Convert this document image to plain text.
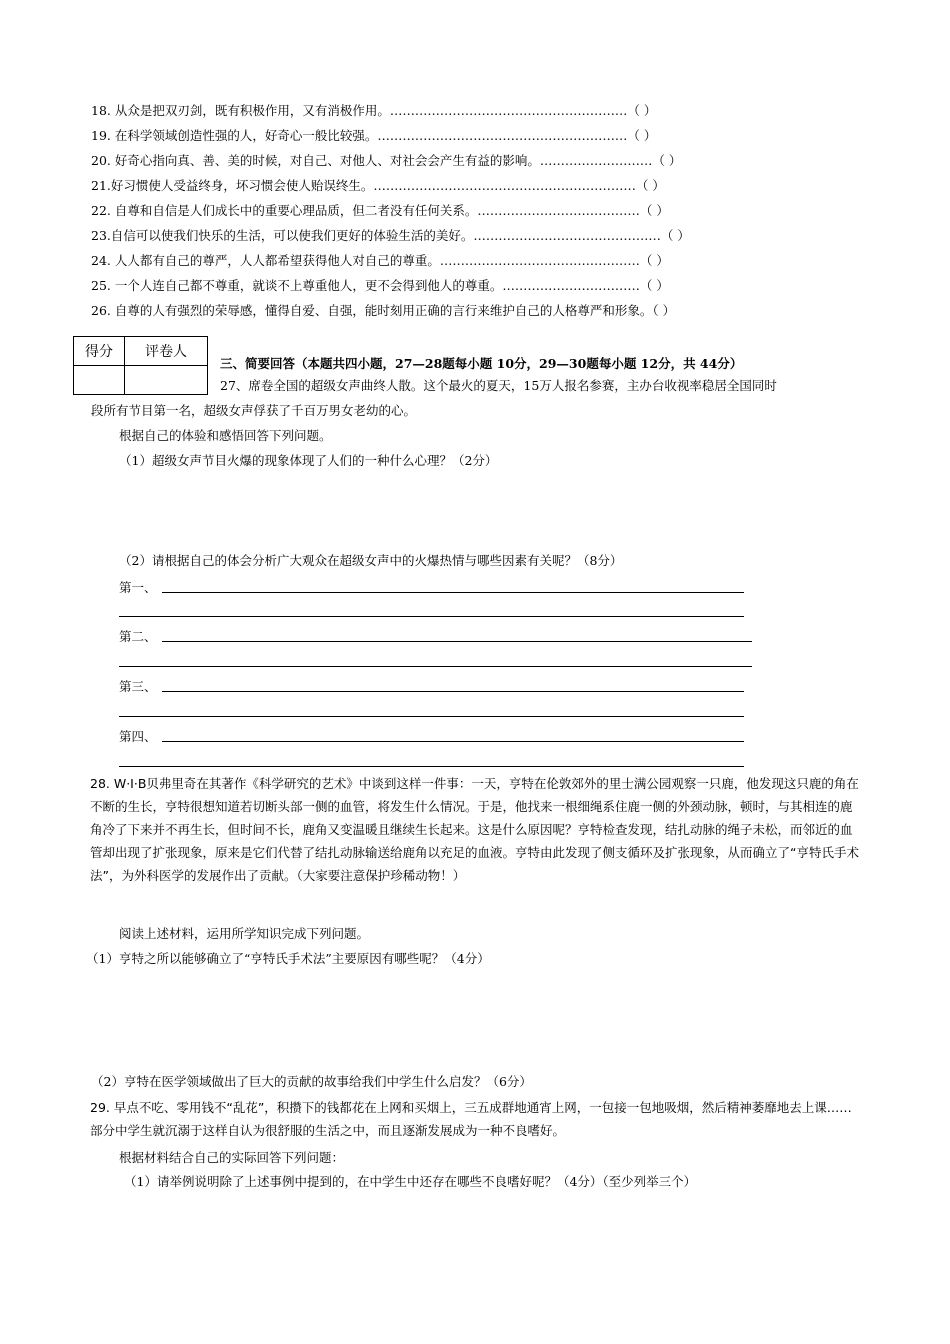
18. 从众是把双刃剑，既有积极作用，又有消极作用。…………………………………………………（ ）
19. 在科学领域创造性强的人，好奇心一般比较强。……………………………………………………（ ）
20. 好奇心指向真、善、美的时候，对自己、对他人、对社会会产生有益的影响。………………………（ ）
21.好习惯使人受益终身，坏习惯会使人贻误终生。………………………………………………………（ ）
22. 自尊和自信是人们成长中的重要心理品质，但二者没有任何关系。…………………………………（ ）
23.自信可以使我们快乐的生活，可以使我们更好的体验生活的美好。………………………………………（ ）
24. 人人都有自己的尊严，人人都希望获得他人对自己的尊重。…………………………………………（ ）
25. 一个人连自己都不尊重，就谈不上尊重他人，更不会得到他人的尊重。……………………………（ ）
26. 自尊的人有强烈的荣辱感，懂得自爱、自强，能时刻用正确的言行来维护自己的人格尊严和形象。（ ）
得分	评卷人

三、简要回答（本题共四小题，27—28题每小题 10分，29—30题每小题 12分，共 44分）
27、席卷全国的超级女声曲终人散。这个最火的夏天，15万人报名参赛，主办台收视率稳居全国同时
段所有节目第一名，超级女声俘获了千百万男女老幼的心。
根据自己的体验和感悟回答下列问题。
（1）超级女声节目火爆的现象体现了人们的一种什么心理？（2分）
（2）请根据自己的体会分析广大观众在超级女声中的火爆热情与哪些因素有关呢？（8分）
第一、
第二、
第三、
第四、
28. W·I·B贝弗里奇在其著作《科学研究的艺术》中谈到这样一件事：一天，亨特在伦敦郊外的里士满公园观察一只鹿，他发现这只鹿的角在不断的生长，亨特很想知道若切断头部一侧的血管，将发生什么情况。于是，他找来一根细绳系住鹿一侧的外颈动脉，顿时，与其相连的鹿角冷了下来并不再生长，但时间不长，鹿角又变温暖且继续生长起来。这是什么原因呢？亨特检查发现，结扎动脉的绳子未松，而邻近的血管却出现了扩张现象，原来是它们代替了结扎动脉输送给鹿角以充足的血液。亨特由此发现了侧支循环及扩张现象，从而确立了“亨特氏手术法”，为外科医学的发展作出了贡献。（大家要注意保护珍稀动物！）
阅读上述材料，运用所学知识完成下列问题。
（1）亨特之所以能够确立了“亨特氏手术法”主要原因有哪些呢？（4分）
（2）亨特在医学领域做出了巨大的贡献的故事给我们中学生什么启发？（6分）
29. 早点不吃、零用钱不“乱花”，积攒下的钱都花在上网和买烟上，三五成群地通宵上网，一包接一包地吸烟，然后精神萎靡地去上课……部分中学生就沉溺于这样自认为很舒服的生活之中，而且逐渐发展成为一种不良嗜好。
根据材料结合自己的实际回答下列问题：
（1）请举例说明除了上述事例中提到的，在中学生中还存在哪些不良嗜好呢？（4分）（至少列举三个）
